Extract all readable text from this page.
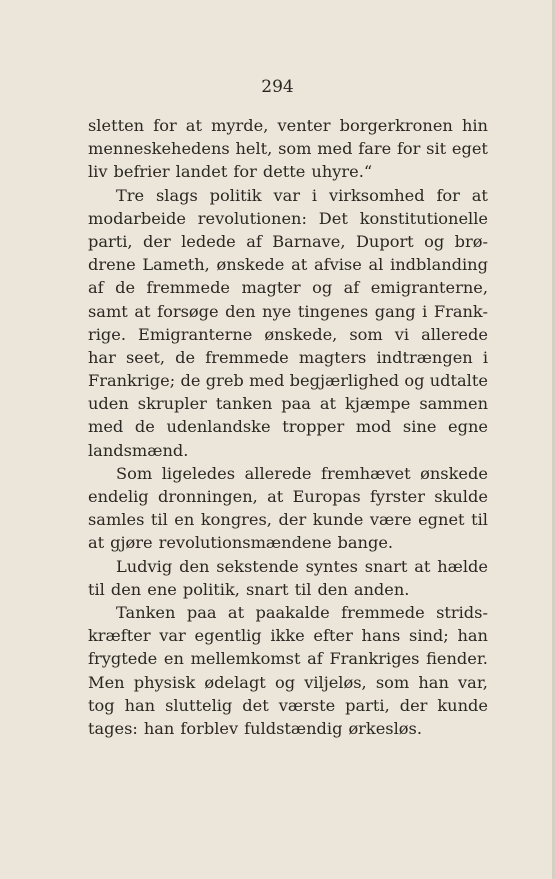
294
sletten for at myrde, venter borgerkronen hin
menneskehedens helt, som med fare for sit eget
liv befrier landet for dette uhyre.“
Tre slags politik var i virksomhed for at
modarbeide revolutionen: Det konstitutionelle
parti, der ledede af Barnave, Duport og brø-
drene Lameth, ønskede at afvise al indblanding
af de fremmede magter og af emigranterne,
samt at forsøge den nye tingenes gang i Frank-
rige. Emigranterne ønskede, som vi allerede
har seet, de fremmede magters indtrængen i
Frankrige; de greb med begjærlighed og udtalte
uden skrupler tanken paa at kjæmpe sammen
med de udenlandske tropper mod sine egne
landsmænd.
Som ligeledes allerede fremhævet ønskede
endelig dronningen, at Europas fyrster skulde
samles til en kongres, der kunde være egnet til
at gjøre revolutionsmændene bange.
Ludvig den sekstende syntes snart at hælde
til den ene politik, snart til den anden.
Tanken paa at paakalde fremmede strids-
kræfter var egentlig ikke efter hans sind; han
frygtede en mellemkomst af Frankriges fiender.
Men physisk ødelagt og viljeløs, som han var,
tog han sluttelig det værste parti, der kunde
tages: han forblev fuldstændig ørkesløs.
